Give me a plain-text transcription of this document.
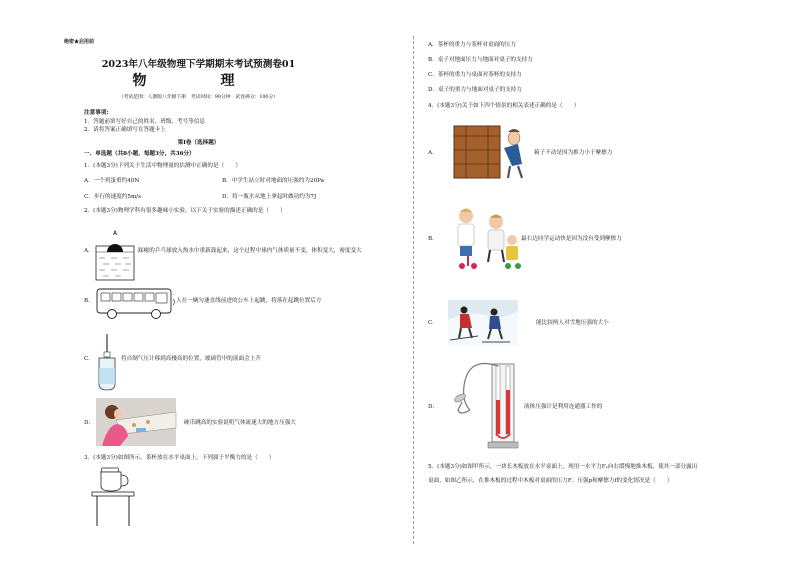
绝密★启用前
2023年八年级物理下学期期末考试预测卷01
物　理
（考试范围：人教版八年级下册　考试时间：90分钟　试卷满分：100分）
注意事项:
1．答题前填写好自己的姓名、班级、考号等信息
2．请将答案正确填写在答题卡上
第Ⅰ卷（选择题）
一、单选题（共8小题，每题3分，共36分）
1．(本题3分)下列关于生活中物理量的估测中正确的是（　　）
A．一个鸡蛋重约40N	B．中学生站立时对地面的压强约为20Pa
C．步行的速度约5m/s	D．将一瓶水从地上拿起时做功约为7J
2．(本题3分)物理学科有很多趣味小实验，以下关于实验的描述正确的是（　　）
A．
A
踩瘪的乒乓球放入热水中重新鼓起来，这个过程中球内气体质量不变，体积变大，密度变大
B．	人在一辆匀速直线前进的公车上起跳，将落在起跳位置后方
C．	将自制气压计移到高楼高的位置，玻璃管中的液面会上升
D．	硬币跳高的实验说明气体流速大的地方压强大
3．(本题3分)如图所示，茶杯放在水平桌面上，下列属于平衡力的是（　　）
A．茶杯的重力与茶杯对桌面的压力
B．桌子对地面压力与地面对桌子的支持力
C．茶杯的重力与桌面对茶杯的支持力
D．桌子的重力与地面对桌子的支持力
4．(本题3分)关于如下四个情景的相关表述正确的是（　　）
A．	箱子不动是因为推力小于摩擦力
B．	最右边同学运动快是因为没有受到摩擦力
C．	能比较两人对雪地压强的大小
D．	液体压强计是利用连通器工作的
5．(本题3分)如图甲所示，一块长木板放在水平桌面上，现用一水平力F₁向右缓慢地推木板，使其一部分露出
桌面，如图乙所示，在推木板的过程中木板对桌面的压力F、压强p和摩擦力f的变化情况是（　　）
